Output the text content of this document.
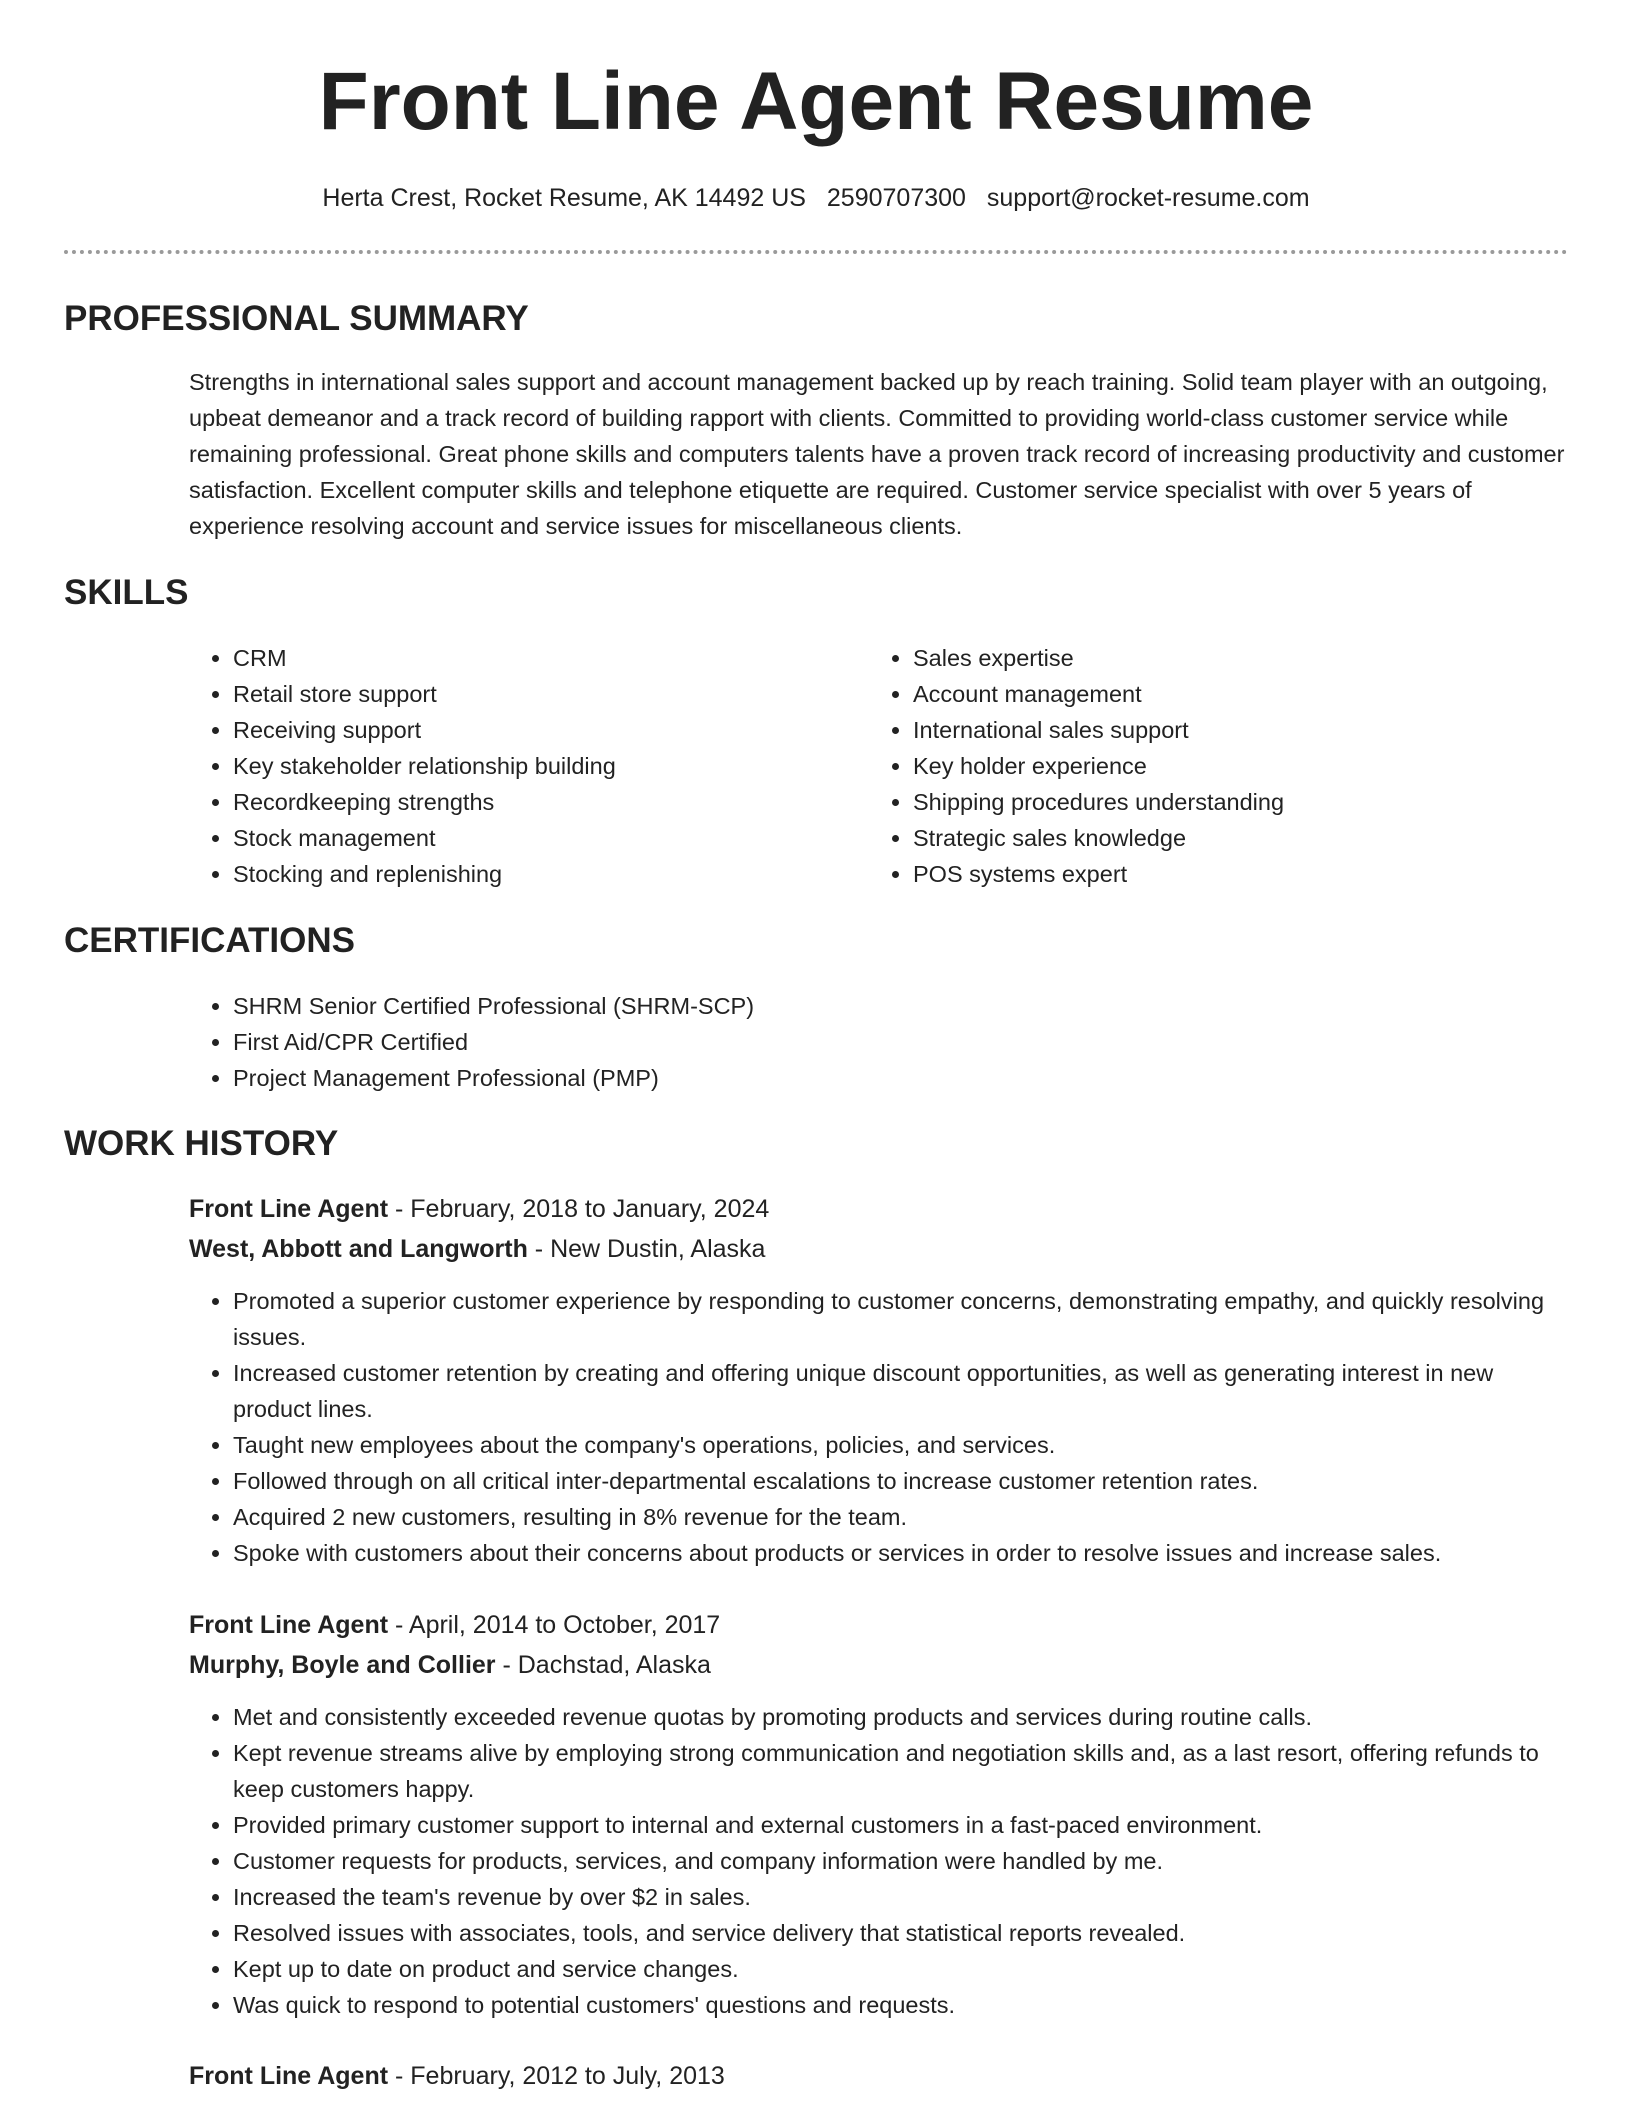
Front Line Agent Resume
Herta Crest, Rocket Resume, AK 14492 US 2590707300 support@rocket-resume.com
PROFESSIONAL SUMMARY

Strengths in international sales support and account management backed up by reach training. Solid team player with an outgoing, upbeat demeanor and a track record of building rapport with clients. Committed to providing world-class customer service while remaining professional. Great phone skills and computers talents have a proven track record of increasing productivity and customer satisfaction. Excellent computer skills and telephone etiquette are required. Customer service specialist with over 5 years of experience resolving account and service issues for miscellaneous clients.

SKILLS
• CRM
• Retail store support
• Receiving support
• Key stakeholder relationship building
• Recordkeeping strengths
• Stock management
• Stocking and replenishing
• Sales expertise
• Account management
• International sales support
• Key holder experience
• Shipping procedures understanding
• Strategic sales knowledge
• POS systems expert
CERTIFICATIONS
• SHRM Senior Certified Professional (SHRM-SCP)
• First Aid/CPR Certified
• Project Management Professional (PMP)
WORK HISTORY
Front Line Agent - February, 2018 to January, 2024
West, Abbott and Langworth - New Dustin, Alaska
• Promoted a superior customer experience by responding to customer concerns, demonstrating empathy, and quickly resolving issues.
• Increased customer retention by creating and offering unique discount opportunities, as well as generating interest in new product lines.
• Taught new employees about the company's operations, policies, and services.
• Followed through on all critical inter-departmental escalations to increase customer retention rates.
• Acquired 2 new customers, resulting in 8% revenue for the team.
• Spoke with customers about their concerns about products or services in order to resolve issues and increase sales.
Front Line Agent - April, 2014 to October, 2017
Murphy, Boyle and Collier - Dachstad, Alaska
• Met and consistently exceeded revenue quotas by promoting products and services during routine calls.
• Kept revenue streams alive by employing strong communication and negotiation skills and, as a last resort, offering refunds to keep customers happy.
• Provided primary customer support to internal and external customers in a fast-paced environment.
• Customer requests for products, services, and company information were handled by me.
• Increased the team's revenue by over $2 in sales.
• Resolved issues with associates, tools, and service delivery that statistical reports revealed.
• Kept up to date on product and service changes.
• Was quick to respond to potential customers' questions and requests.
Front Line Agent - February, 2012 to July, 2013
